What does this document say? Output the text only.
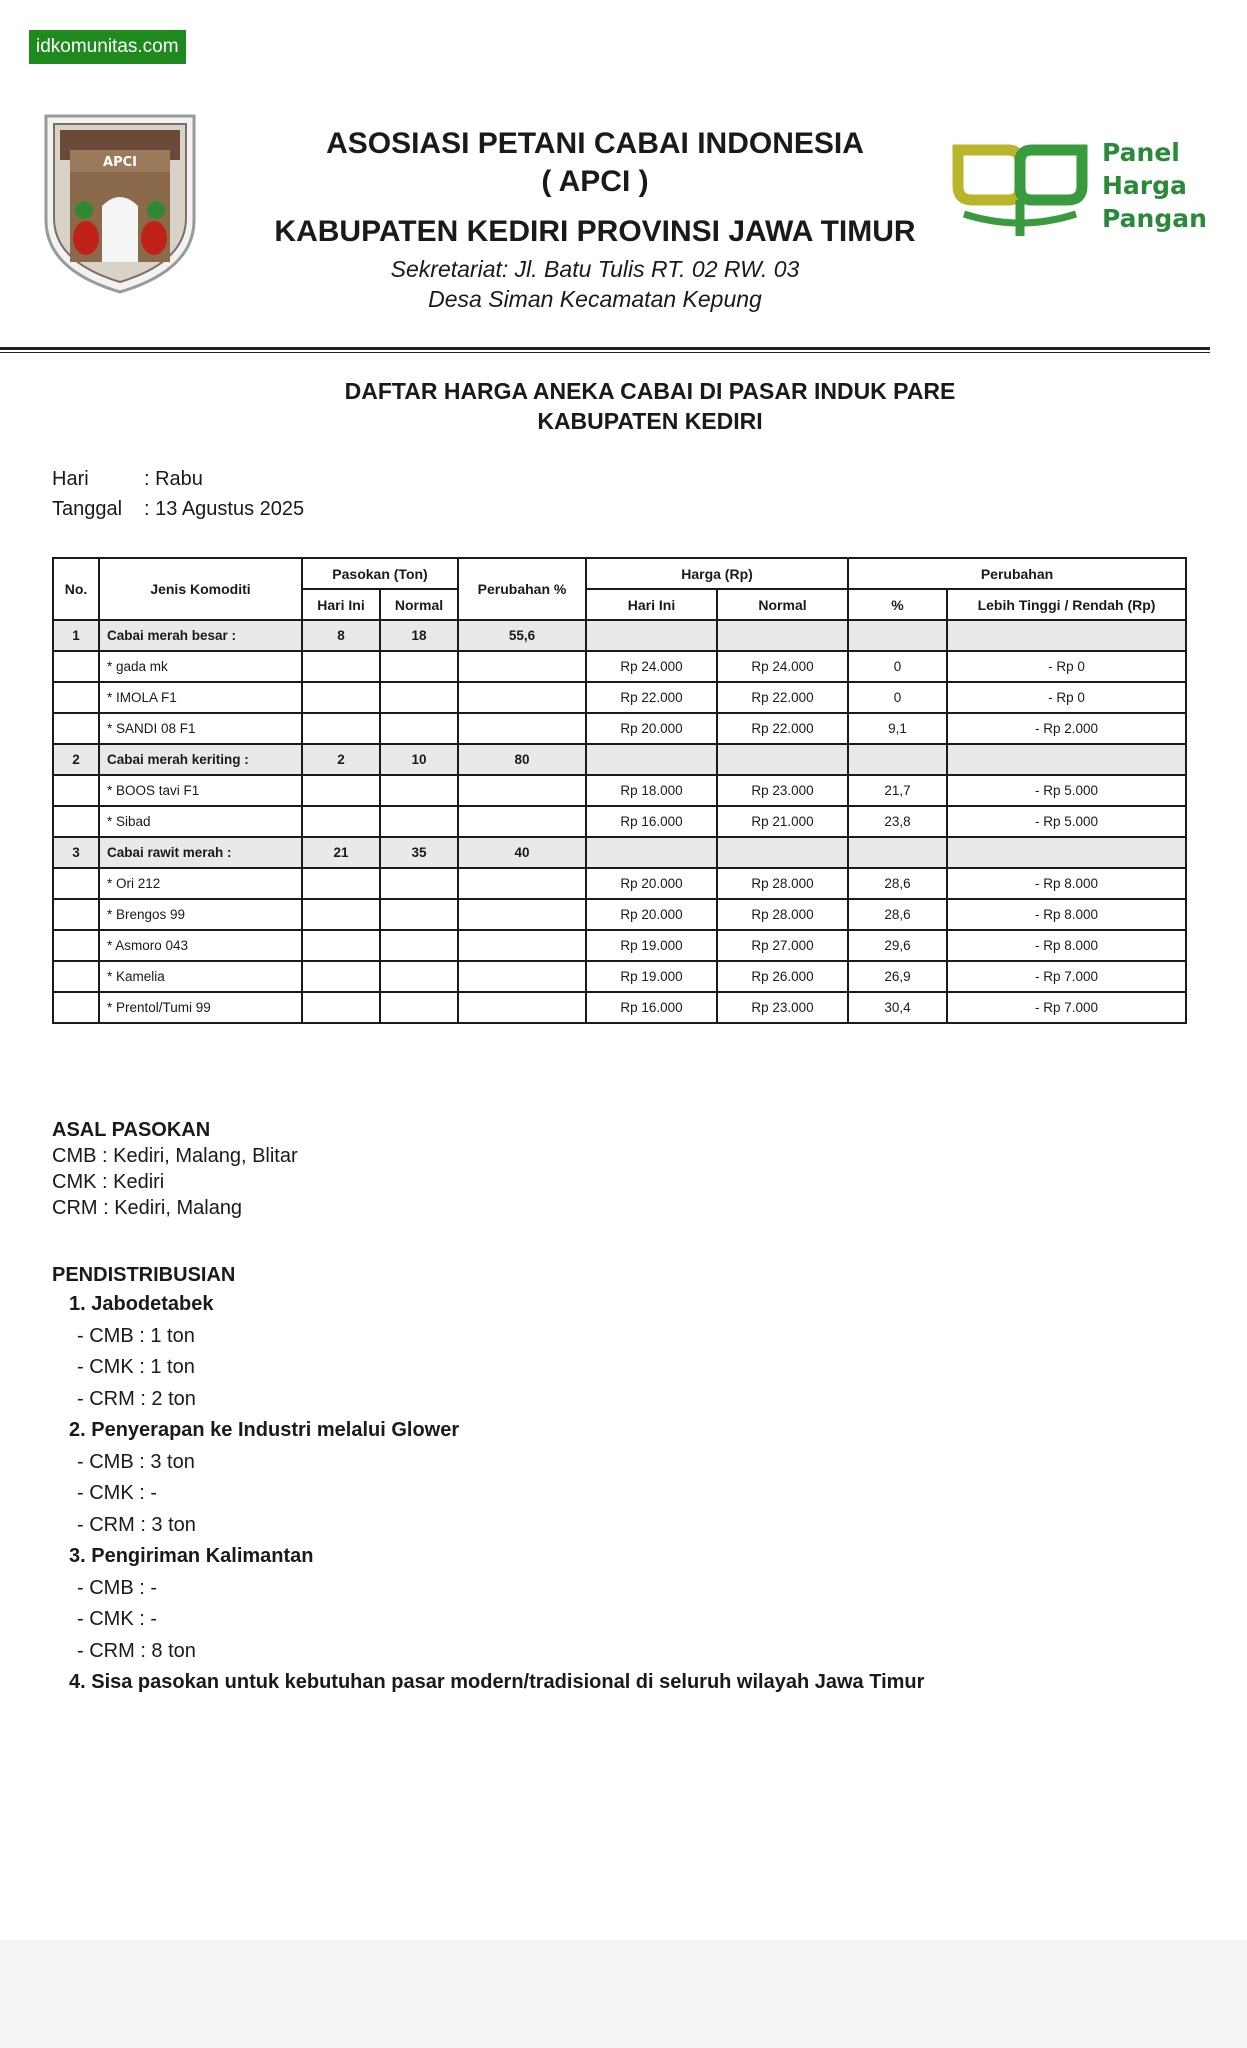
idkomunitas.com
APCI
ASOSIASI PETANI CABAI INDONESIA
( APCI )
KABUPATEN KEDIRI PROVINSI JAWA TIMUR
Sekretariat: Jl. Batu Tulis RT. 02 RW. 03
Desa Siman Kecamatan Kepung
Panel
Harga
Pangan
DAFTAR HARGA ANEKA CABAI DI PASAR INDUK PARE
KABUPATEN KEDIRI
Hari	: Rabu
Tanggal : 13 Agustus 2025
No.	Jenis Komoditi	Pasokan (Ton)		Perubahan %	Harga (Rp)		Perubahan	
		Hari Ini	Normal		Hari Ini	Normal	%	Lebih Tinggi / Rendah (Rp)
1	Cabai merah besar :	8	18	55,6				
	* gada mk				Rp 24.000	Rp 24.000	0	- Rp 0
	* IMOLA F1				Rp 22.000	Rp 22.000	0	- Rp 0
	* SANDI 08 F1				Rp 20.000	Rp 22.000	9,1	- Rp 2.000
2	Cabai merah keriting :	2	10	80				
	* BOOS tavi F1				Rp 18.000	Rp 23.000	21,7	- Rp 5.000
	* Sibad				Rp 16.000	Rp 21.000	23,8	- Rp 5.000
3	Cabai rawit merah :	21	35	40				
	* Ori 212				Rp 20.000	Rp 28.000	28,6	- Rp 8.000
	* Brengos 99				Rp 20.000	Rp 28.000	28,6	- Rp 8.000
	* Asmoro 043				Rp 19.000	Rp 27.000	29,6	- Rp 8.000
	* Kamelia				Rp 19.000	Rp 26.000	26,9	- Rp 7.000
	* Prentol/Tumi 99				Rp 16.000	Rp 23.000	30,4	- Rp 7.000
ASAL PASOKAN
CMB : Kediri, Malang, Blitar
CMK : Kediri
CRM : Kediri, Malang
PENDISTRIBUSIAN
1. Jabodetabek
- CMB : 1 ton
- CMK : 1 ton
- CRM : 2 ton
2. Penyerapan ke Industri melalui Glower
- CMB : 3 ton
- CMK : -
- CRM : 3 ton
3. Pengiriman Kalimantan
- CMB : -
- CMK : -
- CRM : 8 ton
4. Sisa pasokan untuk kebutuhan pasar modern/tradisional di seluruh wilayah Jawa Timur
